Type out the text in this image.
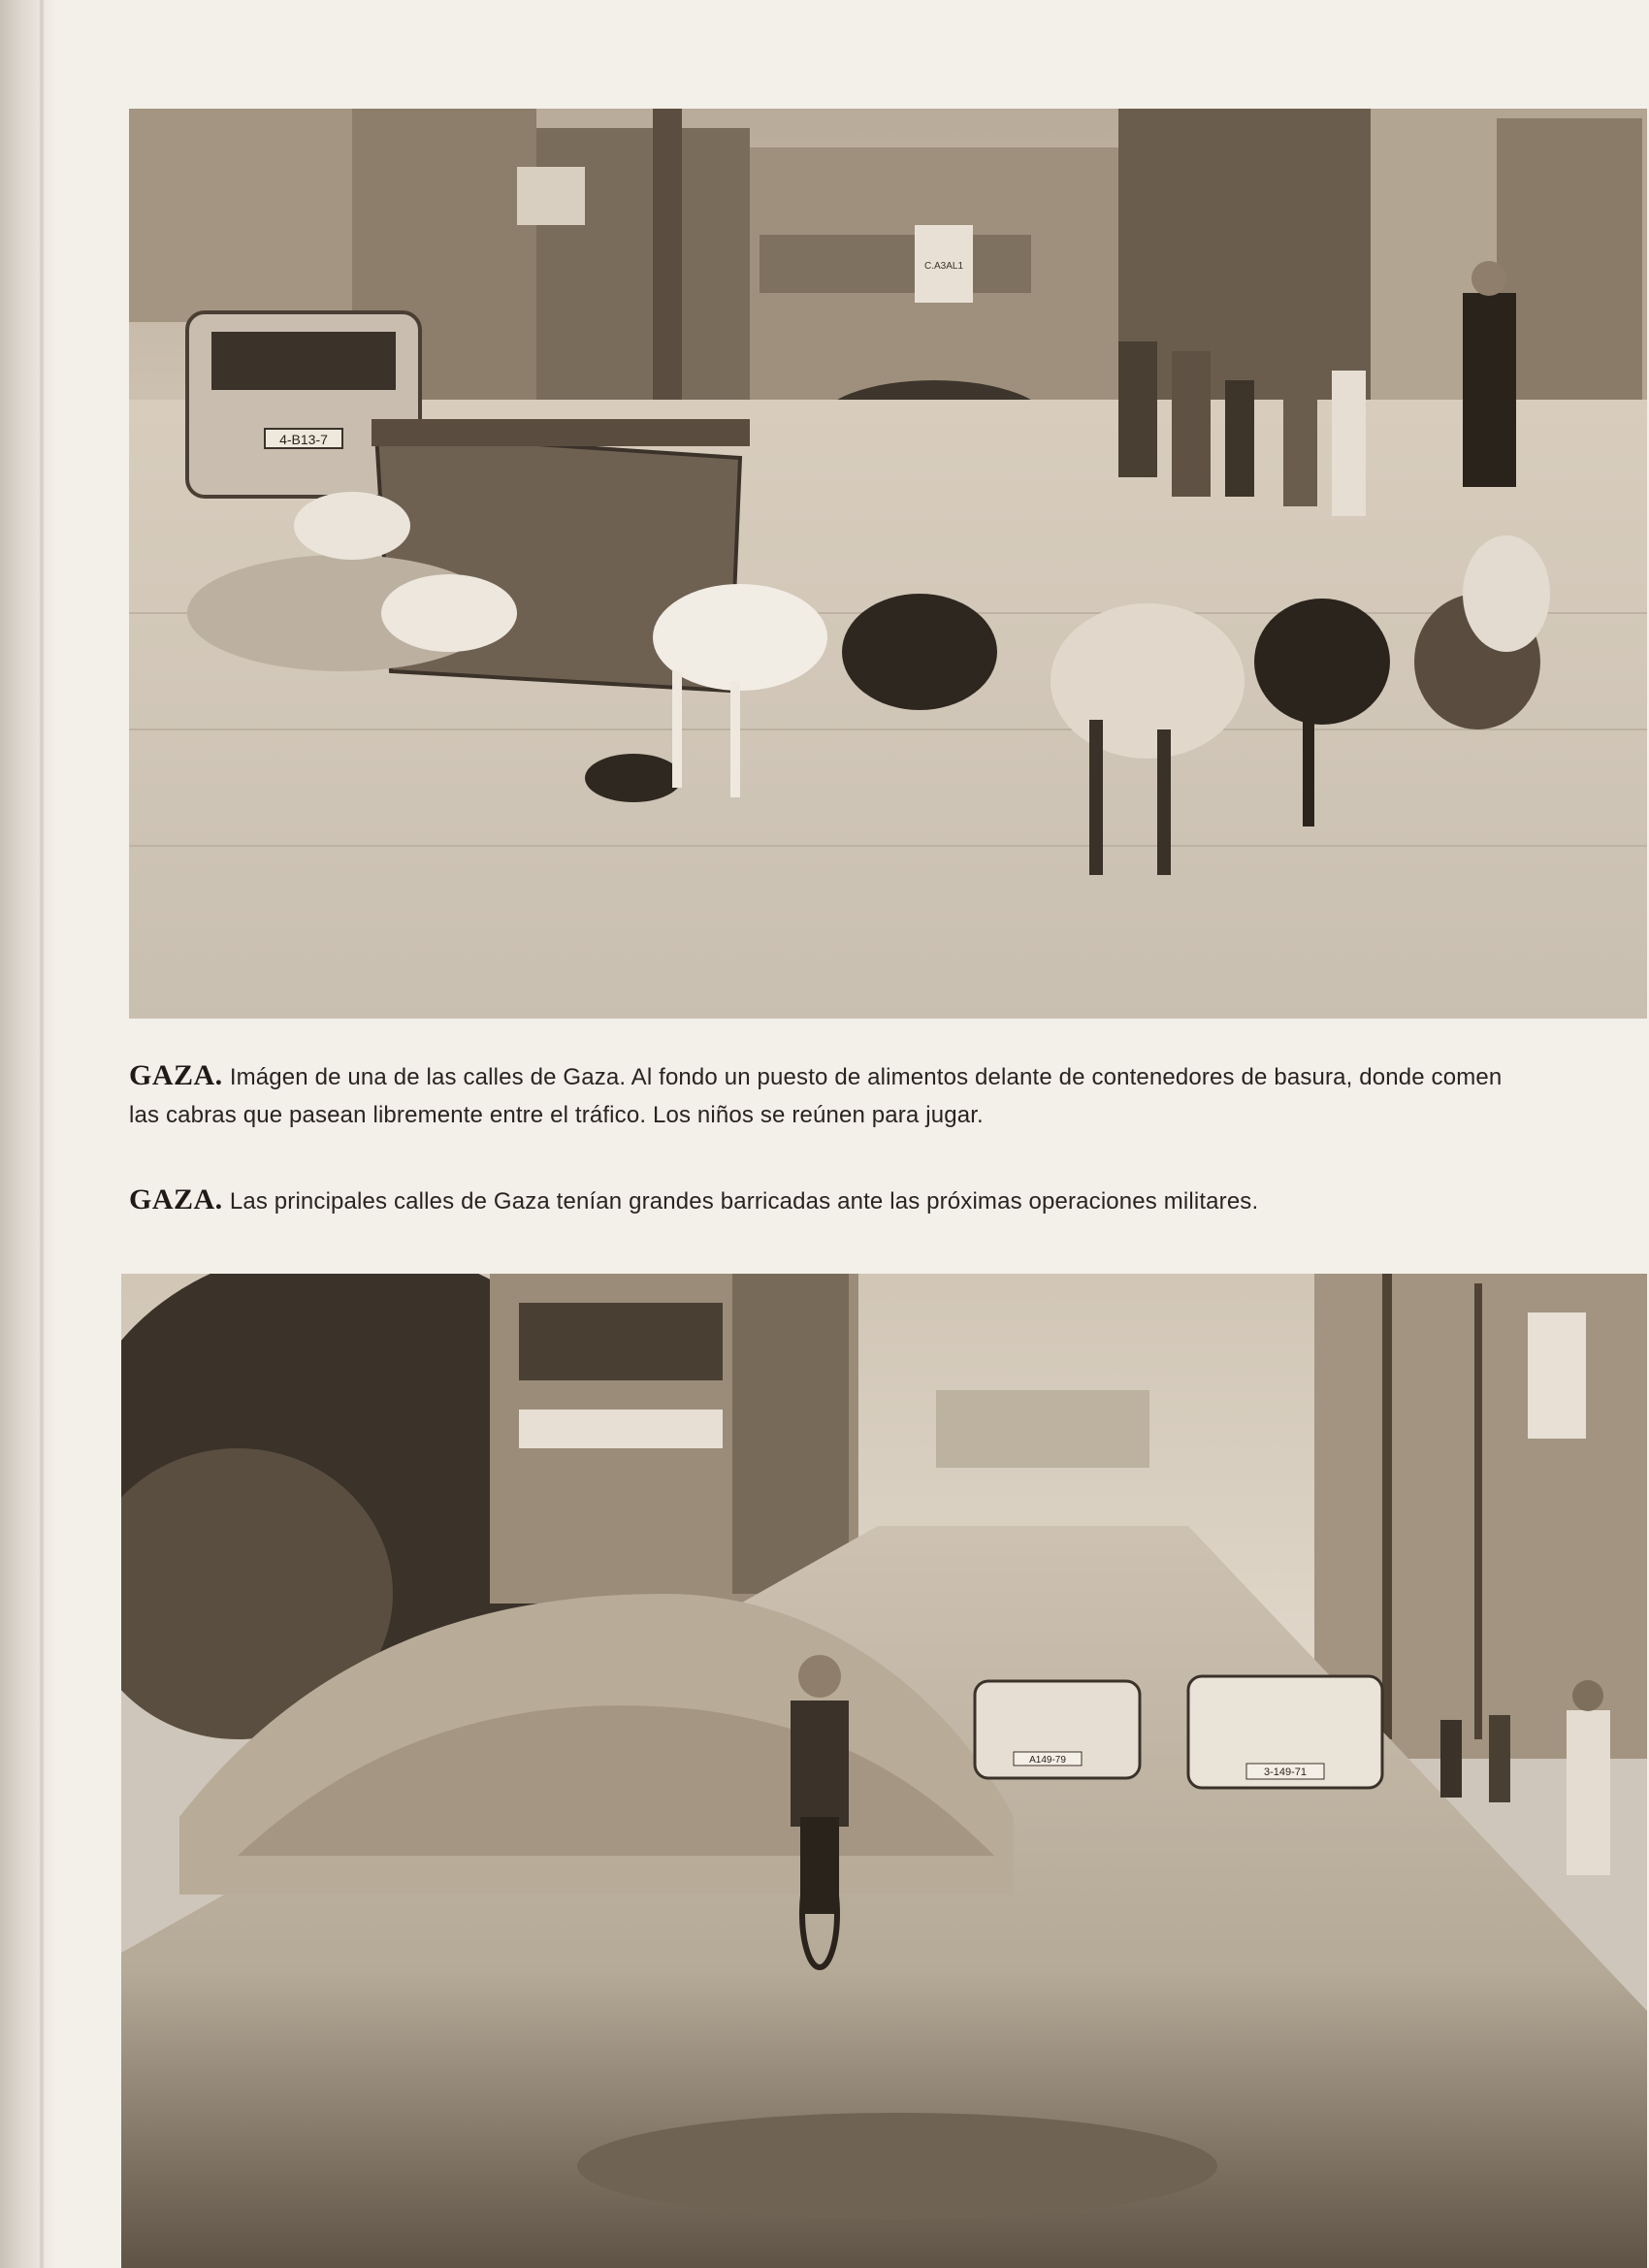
4-B13-7
C.A3AL1
GAZA. Imágen de una de las calles de Gaza. Al fondo un puesto de alimentos delante de contenedores de basura, donde comen las cabras que pasean libremente entre el tráfico. Los niños se reúnen para jugar.
GAZA. Las principales calles de Gaza tenían grandes barricadas ante las próximas operaciones militares.
A149-79
3-149-71
